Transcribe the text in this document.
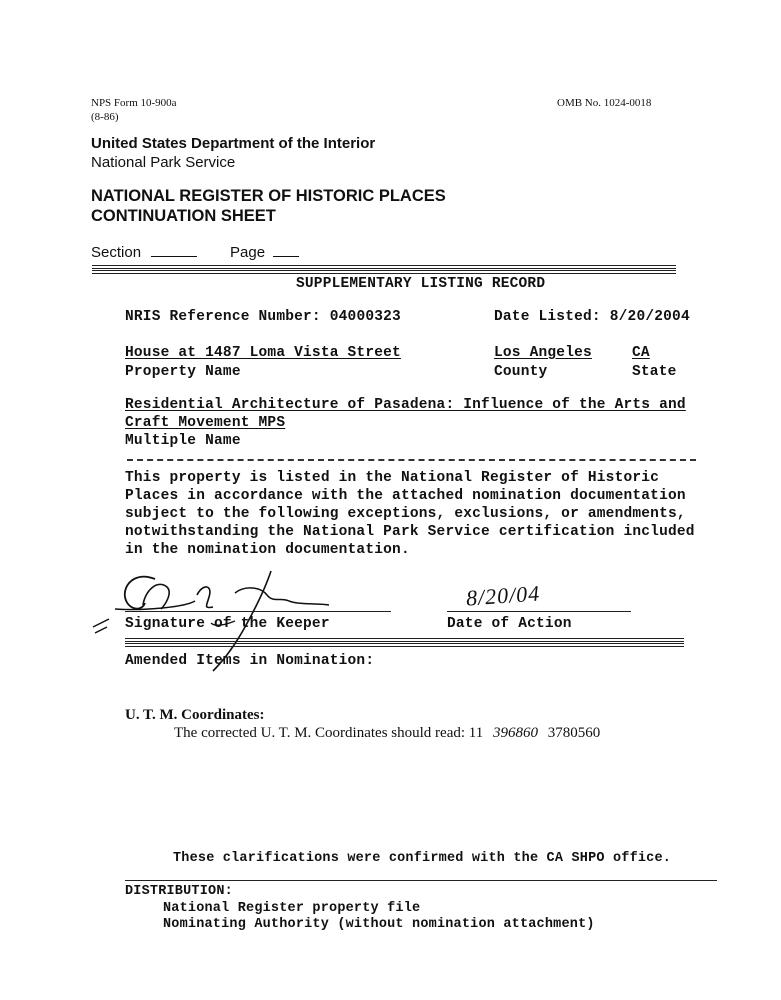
NPS Form 10-900a
(8-86)
OMB No. 1024-0018
United States Department of the Interior
National Park Service
NATIONAL REGISTER OF HISTORIC PLACES
CONTINUATION SHEET
Section	Page
SUPPLEMENTARY LISTING RECORD
NRIS Reference Number: 04000323	Date Listed: 8/20/2004
House at 1487 Loma Vista Street
Property Name
Los Angeles
County
CA
State
Residential Architecture of Pasadena: Influence of the Arts and
Craft Movement MPS
Multiple Name
This property is listed in the National Register of Historic
Places in accordance with the attached nomination documentation
subject to the following exceptions, exclusions, or amendments,
notwithstanding the National Park Service certification included
in the nomination documentation.
Signature of the Keeper
8/20/04
Date of Action
Amended Items in Nomination:
U. T. M. Coordinates:
The corrected U. T. M. Coordinates should read: 11 396860 3780560
These clarifications were confirmed with the CA SHPO office.
DISTRIBUTION:
National Register property file
Nominating Authority (without nomination attachment)
